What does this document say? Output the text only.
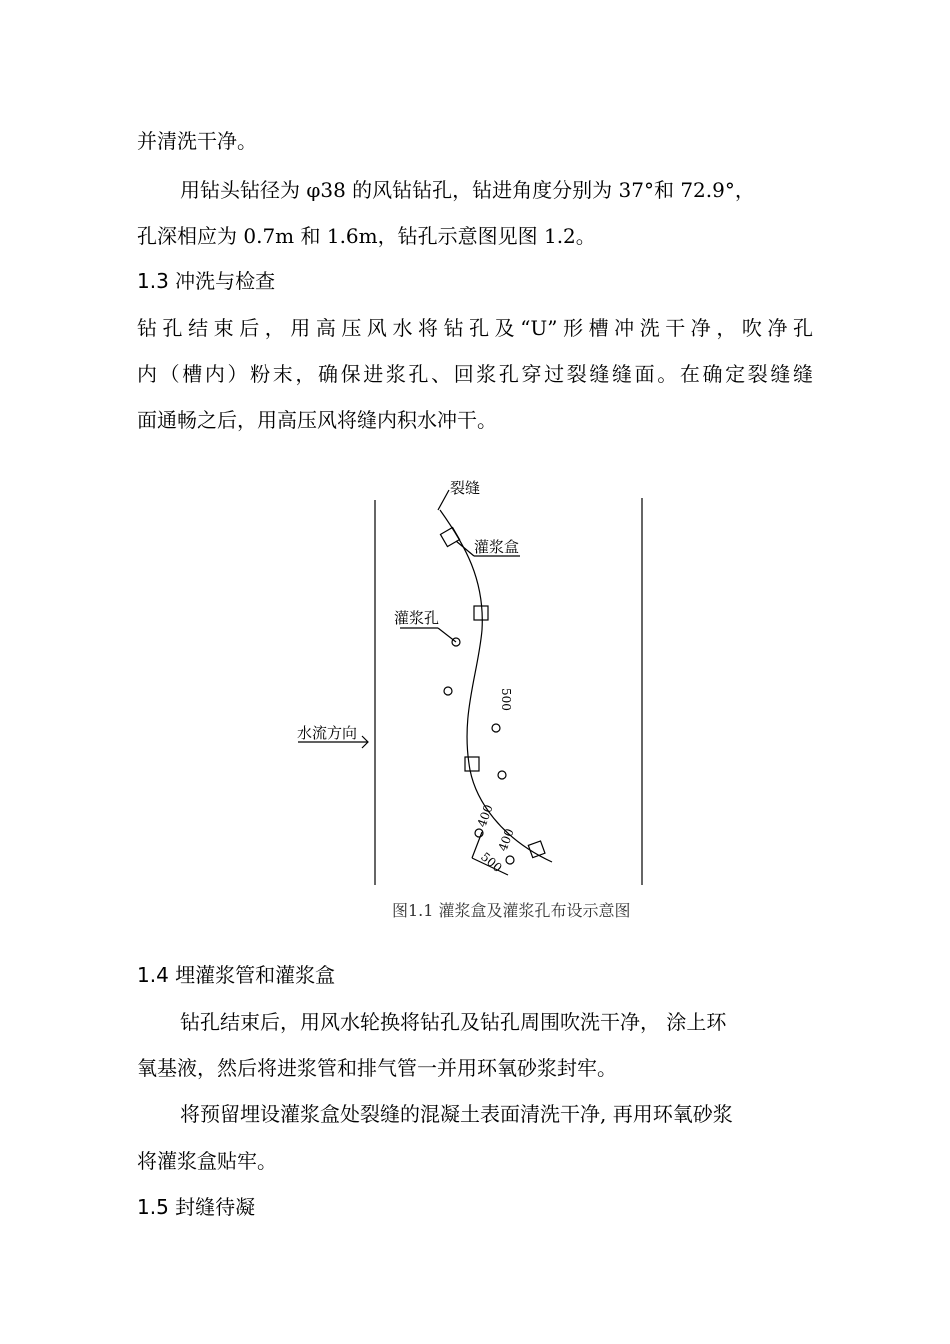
并清洗干净。
用钻头钻径为 φ38 的风钻钻孔，钻进角度分别为 37°和 72.9°，
孔深相应为 0.7m 和 1.6m，钻孔示意图见图 1.2。
1.3 冲洗与检查
钻孔结束后，用高压风水将钻孔及“U”形槽冲洗干净，吹净孔
内（槽内）粉末，确保进浆孔、回浆孔穿过裂缝缝面。在确定裂缝缝
面通畅之后，用高压风将缝内积水冲干。
裂缝
灌浆盒
灌浆孔
水流方向
500
400
400
500
图1.1 灌浆盒及灌浆孔布设示意图
1.4 埋灌浆管和灌浆盒
钻孔结束后，用风水轮换将钻孔及钻孔周围吹洗干净， 涂上环
氧基液，然后将进浆管和排气管一并用环氧砂浆封牢。
将预留埋设灌浆盒处裂缝的混凝土表面清洗干净, 再用环氧砂浆
将灌浆盒贴牢。
1.5 封缝待凝
